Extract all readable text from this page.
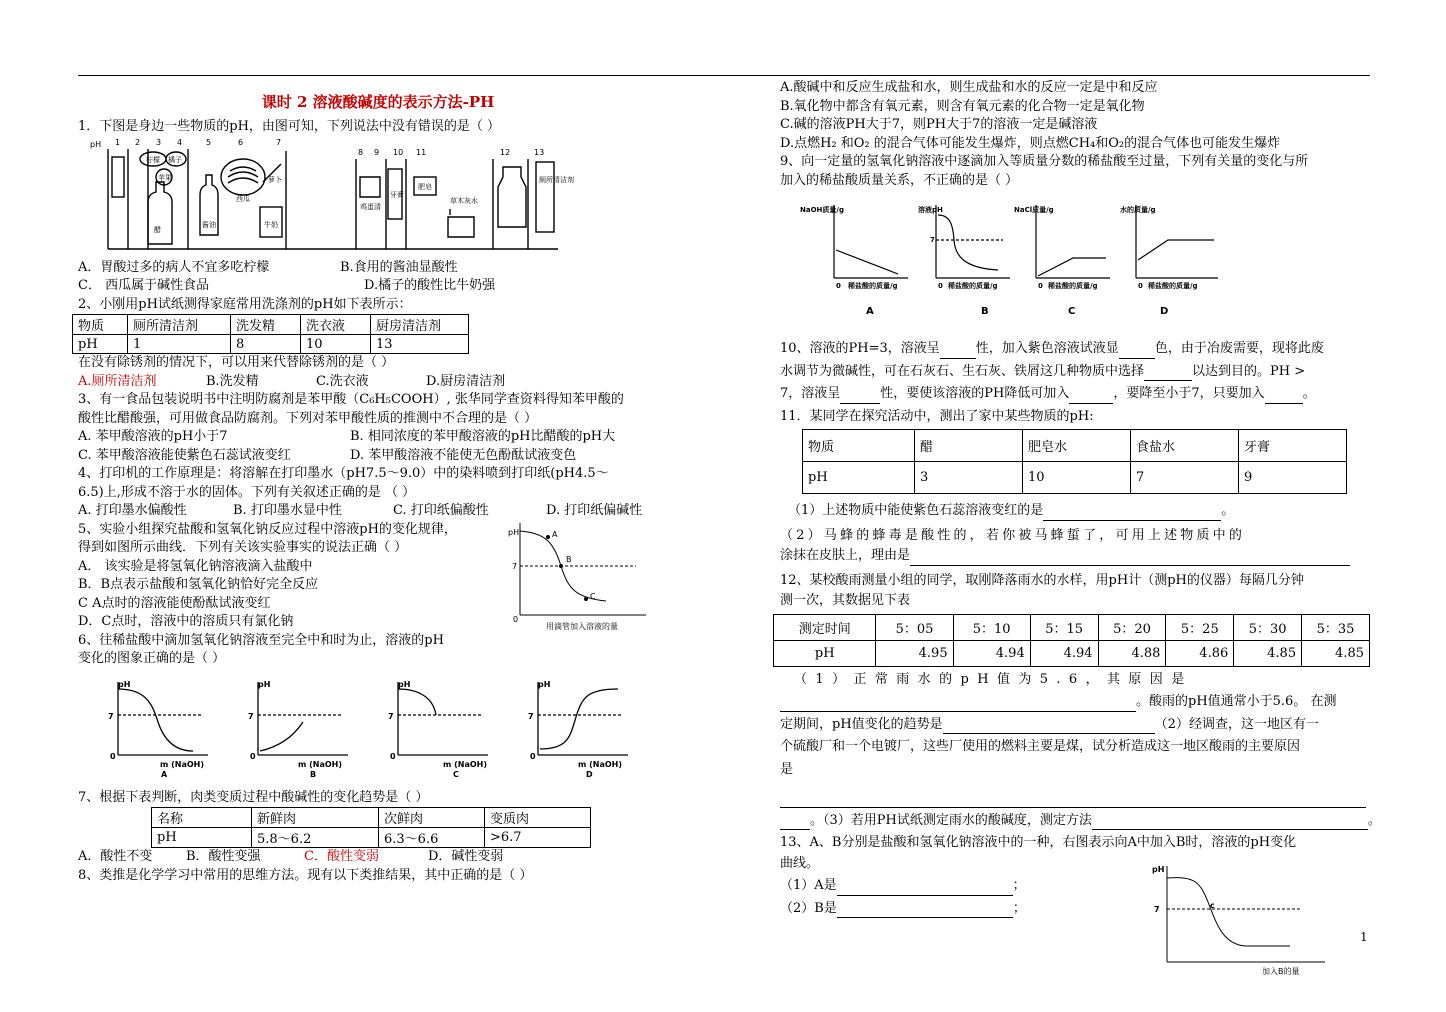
课时 2 溶液酸碱度的表示方法-PH
1．下图是身边一些物质的pH，由图可知，下列说法中没有错误的是（ ）
pH 1 2 3 4	5	6	7
8 9 10 11	12	13
柠檬 橘子
苹果
醋
酱油
西瓜
萝卜
牛奶
鸡蛋清
牙膏
肥皂
草木灰水
厕所清洁剂
A．胃酸过多的病人不宜多吃柠檬	B.食用的酱油显酸性
C． 西瓜属于碱性食品	D.橘子的酸性比牛奶强
2、小刚用pH试纸测得家庭常用洗涤剂的pH如下表所示：
物质	厕所清洁剂	洗发精	洗衣液	厨房清洁剂
pH	1	8	10	13
在没有除锈剂的情况下，可以用来代替除锈剂的是（ ）
A.厕所清洁剂	B.洗发精	C.洗衣液	D.厨房清洁剂
3、有一食品包装说明书中注明防腐剂是苯甲酸（C₆H₅COOH）, 张华同学查资料得知苯甲酸的
酸性比醋酸强，可用做食品防腐剂。下列对苯甲酸性质的推测中不合理的是（ ）
A. 苯甲酸溶液的pH小于7	B. 相同浓度的苯甲酸溶液的pH比醋酸的pH大
C. 苯甲酸溶液能使紫色石蕊试液变红	D. 苯甲酸溶液不能使无色酚酞试液变色
4、打印机的工作原理是：将溶解在打印墨水（pH7.5～9.0）中的染料喷到打印纸(pH4.5～
6.5)上,形成不溶于水的固体。下列有关叙述正确的是 （ ）
A. 打印墨水偏酸性	B. 打印墨水显中性	C. 打印纸偏酸性	D. 打印纸偏碱性
5、实验小组探究盐酸和氢氧化钠反应过程中溶液pH的变化规律，
得到如图所示曲线．下列有关该实验事实的说法正确（ ）
A． 该实验是将氢氧化钠溶液滴入盐酸中
B．B点表示盐酸和氢氧化钠恰好完全反应
C A点时的溶液能使酚酞试液变红
D．C点时，溶液中的溶质只有氯化钠
pH
7
0
A
B
C
用滴管加入溶液的量
6、往稀盐酸中滴加氢氧化钠溶液至完全中和时为止，溶液的pH
变化的图象正确的是（ ）
pH
7
0
m (NaOH)
A
pH
7
0
m (NaOH)
B
pH
7
0
m (NaOH)
C
pH
7
0
m (NaOH)
D
7、根据下表判断，肉类变质过程中酸碱性的变化趋势是（ ）
名称	新鲜肉	次鲜肉	变质肉
pH	5.8～6.2	6.3～6.6	>6.7
A．酸性不变	B．酸性变强	C．酸性变弱	D．碱性变弱
8、类推是化学学习中常用的思维方法。现有以下类推结果，其中正确的是（ ）
A.酸碱中和反应生成盐和水，则生成盐和水的反应一定是中和反应
B.氧化物中都含有氧元素，则含有氧元素的化合物一定是氧化物
C.碱的溶液PH大于7，则PH大于7的溶液一定是碱溶液
D.点燃H₂ 和O₂ 的混合气体可能发生爆炸，则点燃CH₄和O₂的混合气体也可能发生爆炸
9、向一定量的氢氧化钠溶液中逐滴加入等质量分数的稀盐酸至过量，下列有关量的变化与所
加入的稀盐酸质量关系，不正确的是（ ）
NaOH质量/g
0 稀盐酸的质量/g
A
溶液pH
7
0 稀盐酸的质量/g
B
NaCl质量/g
0 稀盐酸的质量/g
C
水的质量/g
0 稀盐酸的质量/g
D
10、溶液的PH=3，溶液呈	性，加入紫色溶液试液显	色，由于冶废需要，现将此废
水调节为微碱性，可在石灰石、生石灰、铁屑这几种物质中选择	以达到目的。PH >
7，溶液呈	性，要使该溶液的PH降低可加入	，要降至小于7，只要加入	。
11．某同学在探究活动中，测出了家中某些物质的pH:
物质	醋	肥皂水	食盐水	牙膏
pH	3	10	7	9
（1）上述物质中能使紫色石蕊溶液变红的是	。
（2）马蜂的蜂毒是酸性的，若你被马蜂蜇了，可用上述物质中的
涂抹在皮肤上，理由是
12、某校酸雨测量小组的同学，取刚降落雨水的水样，用pH计（测pH的仪器）每隔几分钟
测一次，其数据见下表
测定时间	5：05	5：10	5：15	5：20	5：25	5：30	5：35
pH	4.95	4.94	4.94	4.88	4.86	4.85	4.85
（1）正常雨水的pH值为5.6，其原因是
。酸雨的pH值通常小于5.6。 在测
定期间，pH值变化的趋势是	（2）经调查，这一地区有一
个硫酸厂和一个电镀厂，这些厂使用的燃料主要是煤，试分析造成这一地区酸雨的主要原因
是
。（3）若用PH试纸测定雨水的酸碱度，测定方法	。
13、A、B分别是盐酸和氢氧化钠溶液中的一种，右图表示向A中加入B时，溶液的pH变化
曲线。
（1）A是	；
（2）B是	；
pH
7	c
加入B的量
1
